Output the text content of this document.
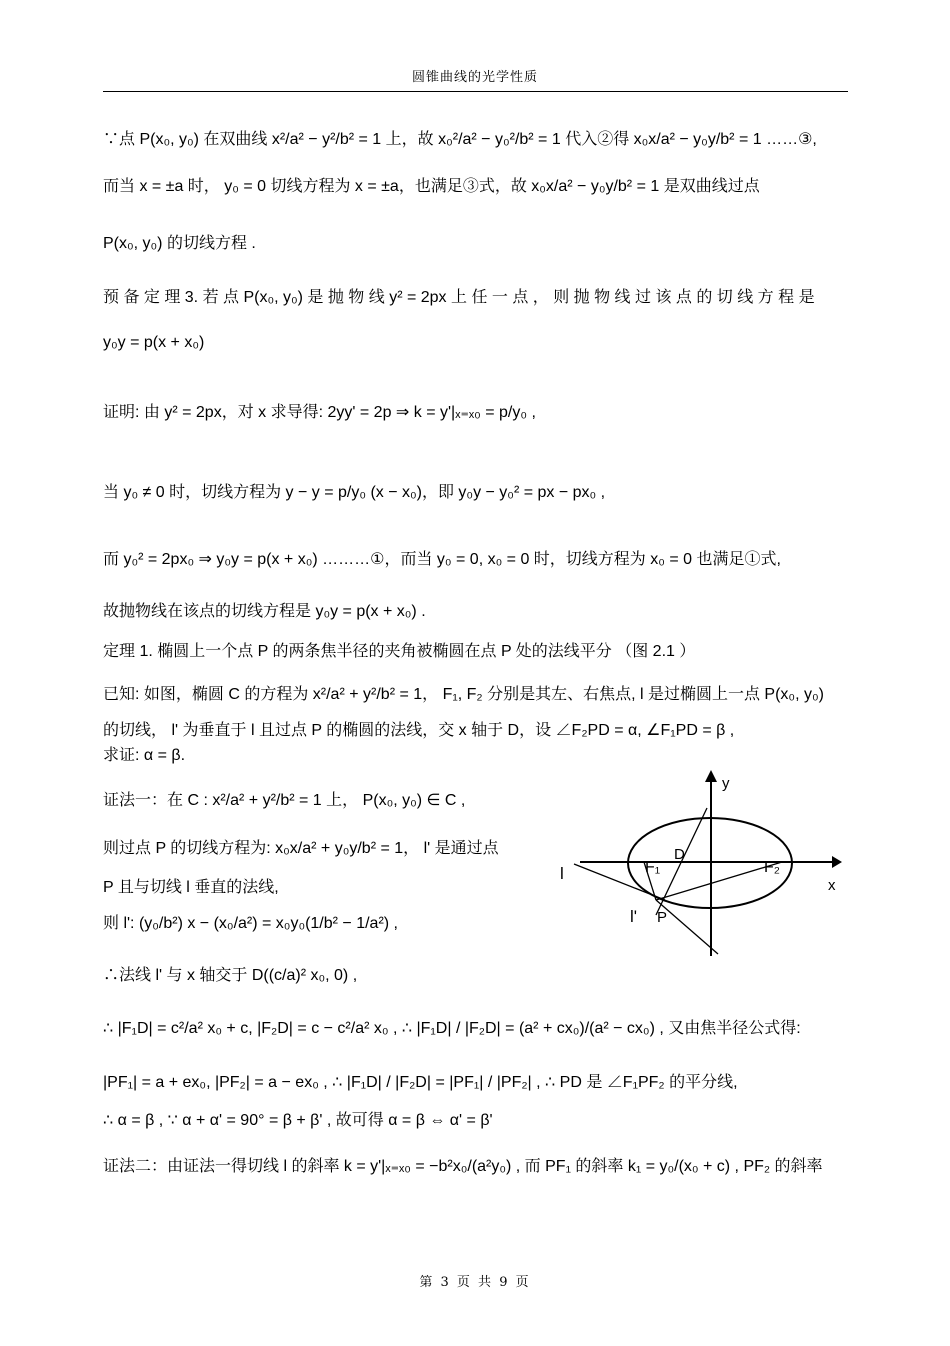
圆锥曲线的光学性质
∵点 P(x₀, y₀) 在双曲线 x²/a² − y²/b² = 1 上，故 x₀²/a² − y₀²/b² = 1 代入②得 x₀x/a² − y₀y/b² = 1 ……③,
而当 x = ±a 时， y₀ = 0 切线方程为 x = ±a，也满足③式，故 x₀x/a² − y₀y/b² = 1 是双曲线过点
P(x₀, y₀) 的切线方程 .
预 备 定 理 3. 若 点 P(x₀, y₀) 是 抛 物 线 y² = 2px 上 任 一 点 ， 则 抛 物 线 过 该 点 的 切 线 方 程 是
y₀y = p(x + x₀)
证明: 由 y² = 2px，对 x 求导得: 2yy' = 2p ⇒ k = y'|ₓ₌ₓ₀ = p/y₀ ,
当 y₀ ≠ 0 时，切线方程为 y − y = p/y₀ (x − x₀)，即 y₀y − y₀² = px − px₀ ,
而 y₀² = 2px₀ ⇒ y₀y = p(x + x₀) ………①，而当 y₀ = 0, x₀ = 0 时，切线方程为 x₀ = 0 也满足①式,
故抛物线在该点的切线方程是 y₀y = p(x + x₀) .
定理 1. 椭圆上一个点 P 的两条焦半径的夹角被椭圆在点 P 处的法线平分 （图 2.1 ）
已知: 如图，椭圆 C 的方程为 x²/a² + y²/b² = 1， F₁, F₂ 分别是其左、右焦点, l 是过椭圆上一点 P(x₀, y₀)
的切线， l' 为垂直于 l 且过点 P 的椭圆的法线，交 x 轴于 D，设 ∠F₂PD = α, ∠F₁PD = β ,
求证: α = β.
证法一：在 C : x²/a² + y²/b² = 1 上， P(x₀, y₀) ∈ C ,
则过点 P 的切线方程为: x₀x/a² + y₀y/b² = 1， l' 是通过点
P 且与切线 l 垂直的法线,
则 l': (y₀/b²) x − (x₀/a²) = x₀y₀(1/b² − 1/a²) ,
∴法线 l' 与 x 轴交于 D((c/a)² x₀, 0) ,
∴ |F₁D| = c²/a² x₀ + c, |F₂D| = c − c²/a² x₀ , ∴ |F₁D| / |F₂D| = (a² + cx₀)/(a² − cx₀) , 又由焦半径公式得:
|PF₁| = a + ex₀, |PF₂| = a − ex₀ , ∴ |F₁D| / |F₂D| = |PF₁| / |PF₂| , ∴ PD 是 ∠F₁PF₂ 的平分线,
∴ α = β , ∵ α + α' = 90° = β + β' , 故可得 α = β ⇔ α' = β'
证法二：由证法一得切线 l 的斜率 k = y'|ₓ₌ₓ₀ = −b²x₀/(a²y₀) , 而 PF₁ 的斜率 k₁ = y₀/(x₀ + c) , PF₂ 的斜率
y
x
F₁	F₂
D
P
l
l'
第 3 页 共 9 页
